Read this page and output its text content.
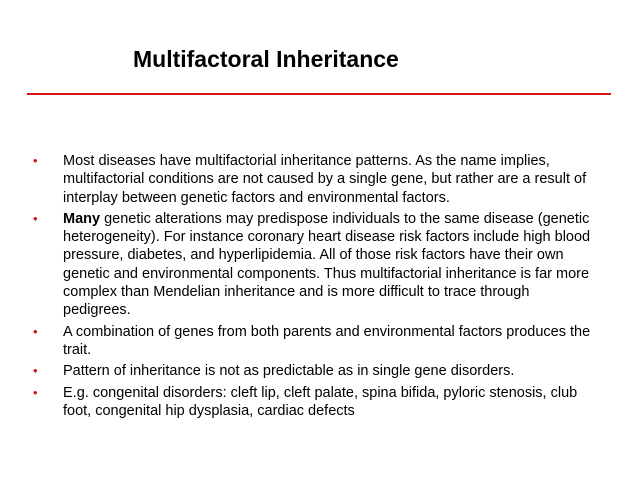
Multifactoral Inheritance
• Most diseases have multifactorial inheritance patterns. As the name implies, multifactorial conditions are not caused by a single gene, but rather are a result of interplay between genetic factors and environmental factors.
• Many genetic alterations may predispose individuals to the same disease (genetic heterogeneity). For instance coronary heart disease risk factors include high blood pressure, diabetes, and hyperlipidemia. All of those risk factors have their own genetic and environmental components. Thus multifactorial inheritance is far more complex than Mendelian inheritance and is more difficult to trace through pedigrees.
• A combination of genes from both parents and environmental factors produces the trait.
• Pattern of inheritance is not as predictable as in single gene disorders.
• E.g. congenital disorders: cleft lip, cleft palate, spina bifida, pyloric stenosis, club foot, congenital hip dysplasia, cardiac defects
